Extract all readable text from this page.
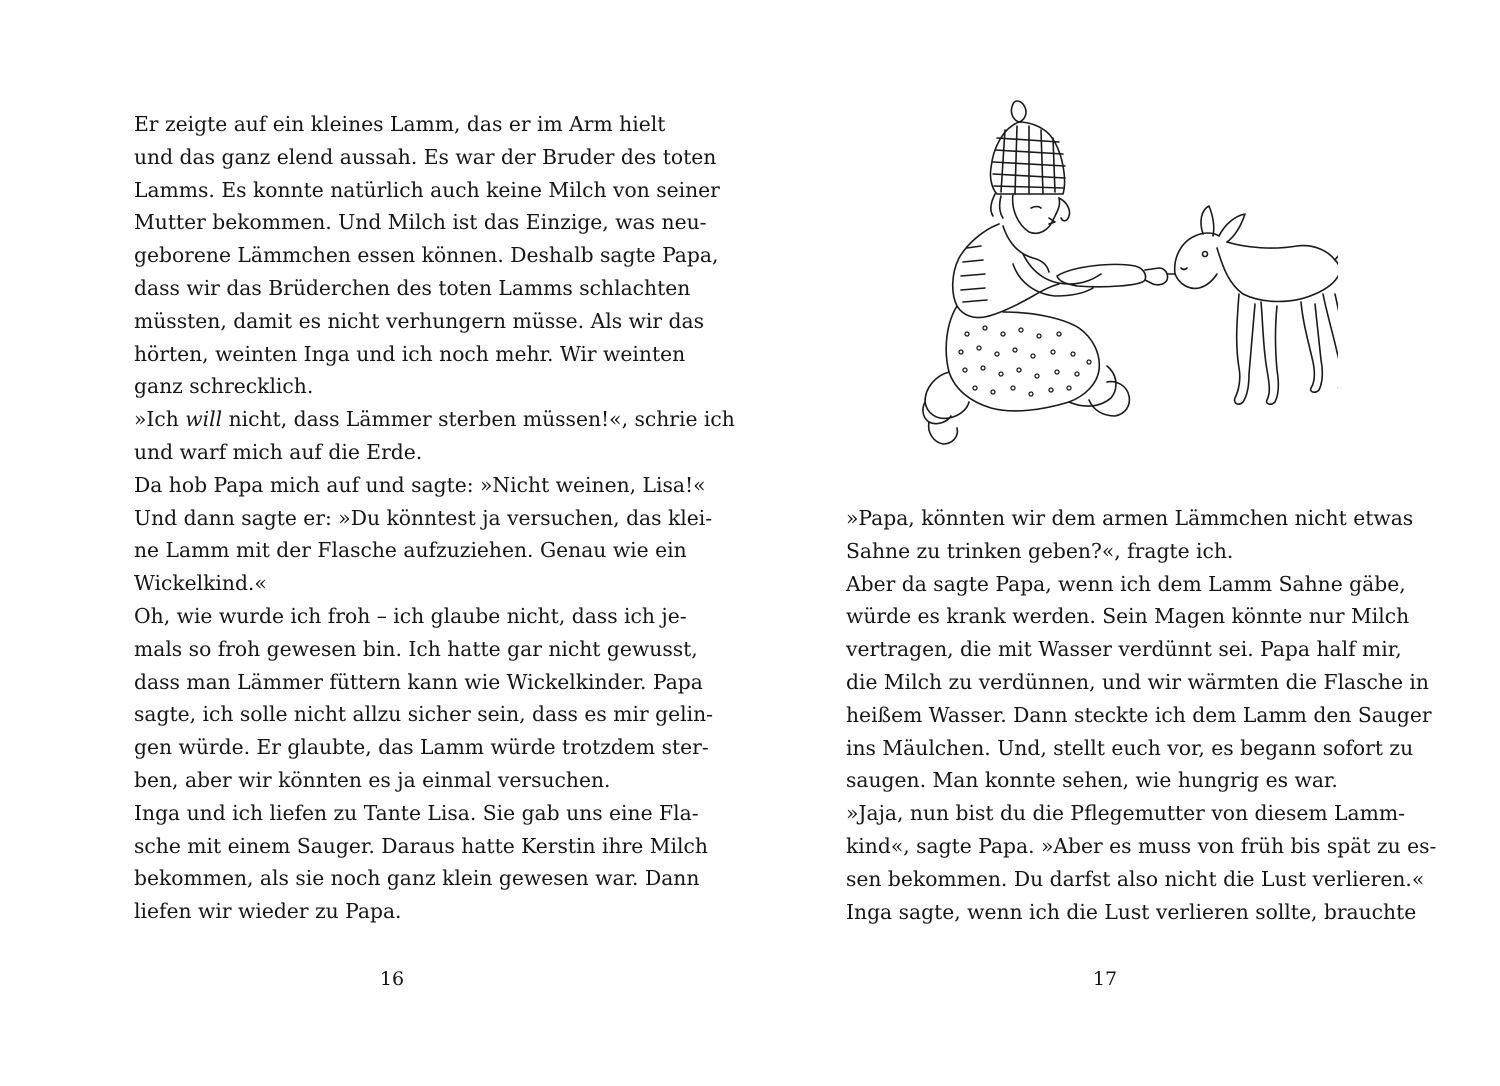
Er zeigte auf ein kleines Lamm, das er im Arm hielt
und das ganz elend aussah. Es war der Bruder des toten
Lamms. Es konnte natürlich auch keine Milch von seiner
Mutter bekommen. Und Milch ist das Einzige, was neu-
geborene Lämmchen essen können. Deshalb sagte Papa,
dass wir das Brüderchen des toten Lamms schlachten
müssten, damit es nicht verhungern müsse. Als wir das
hörten, weinten Inga und ich noch mehr. Wir weinten
ganz schrecklich.
»Ich will nicht, dass Lämmer sterben müssen!«, schrie ich
und warf mich auf die Erde.
Da hob Papa mich auf und sagte: »Nicht weinen, Lisa!«
Und dann sagte er: »Du könntest ja versuchen, das klei-
ne Lamm mit der Flasche aufzuziehen. Genau wie ein
Wickelkind.«
Oh, wie wurde ich froh – ich glaube nicht, dass ich je-
mals so froh gewesen bin. Ich hatte gar nicht gewusst,
dass man Lämmer füttern kann wie Wickelkinder. Papa
sagte, ich solle nicht allzu sicher sein, dass es mir gelin-
gen würde. Er glaubte, das Lamm würde trotzdem ster-
ben, aber wir könnten es ja einmal versuchen.
Inga und ich liefen zu Tante Lisa. Sie gab uns eine Fla-
sche mit einem Sauger. Daraus hatte Kerstin ihre Milch
bekommen, als sie noch ganz klein gewesen war. Dann
liefen wir wieder zu Papa.
16
»Papa, könnten wir dem armen Lämmchen nicht etwas
Sahne zu trinken geben?«, fragte ich.
Aber da sagte Papa, wenn ich dem Lamm Sahne gäbe,
würde es krank werden. Sein Magen könnte nur Milch
vertragen, die mit Wasser verdünnt sei. Papa half mir,
die Milch zu verdünnen, und wir wärmten die Flasche in
heißem Wasser. Dann steckte ich dem Lamm den Sauger
ins Mäulchen. Und, stellt euch vor, es begann sofort zu
saugen. Man konnte sehen, wie hungrig es war.
»Jaja, nun bist du die Pflegemutter von diesem Lamm-
kind«, sagte Papa. »Aber es muss von früh bis spät zu es-
sen bekommen. Du darfst also nicht die Lust verlieren.«
Inga sagte, wenn ich die Lust verlieren sollte, brauchte
17
